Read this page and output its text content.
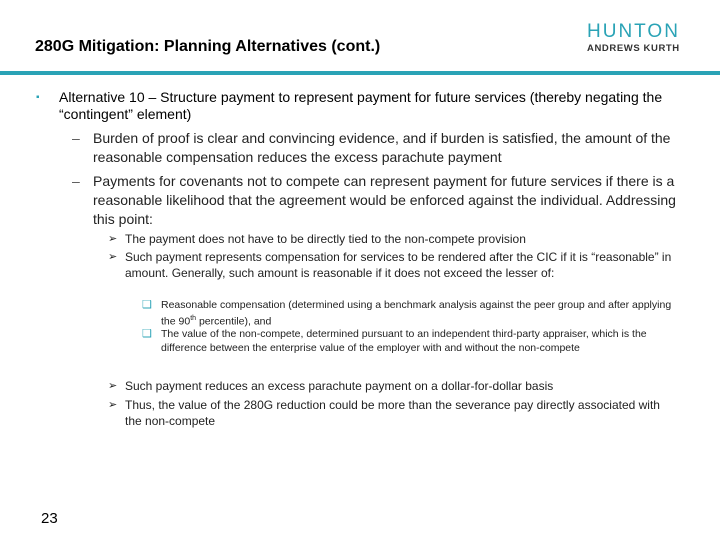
280G Mitigation: Planning Alternatives (cont.)
HUNTON
ANDREWS KURTH
▪	Alternative 10 – Structure payment to represent payment for future services (thereby negating the “contingent” element)
– Burden of proof is clear and convincing evidence, and if burden is satisfied, the amount of the reasonable compensation reduces the excess parachute payment
– Payments for covenants not to compete can represent payment for future services if there is a reasonable likelihood that the agreement would be enforced against the individual. Addressing this point:
➢ The payment does not have to be directly tied to the non-compete provision
➢ Such payment represents compensation for services to be rendered after the CIC if it is “reasonable” in amount. Generally, such amount is reasonable if it does not exceed the lesser of:
❑ Reasonable compensation (determined using a benchmark analysis against the peer group and after applying the 90th percentile), and
❑ The value of the non-compete, determined pursuant to an independent third-party appraiser, which is the difference between the enterprise value of the employer with and without the non-compete
➢ Such payment reduces an excess parachute payment on a dollar-for-dollar basis
➢ Thus, the value of the 280G reduction could be more than the severance pay directly associated with the non-compete
23
